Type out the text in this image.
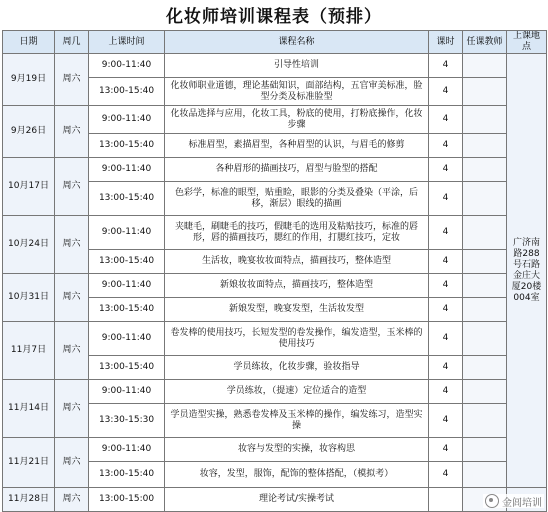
化妆师培训课程表（预排）
日期	周几	上课时间	课程名称	课时	任课教师	上课地点
9月19日	周六	9:00-11:40	引导性培训	4		广济南路288号石路金庄大厦20楼004室
		13:00-15:40	化妆师职业道德，理论基础知识，面部结构，五官审美标准，脸型分类及标准脸型	4		
9月26日	周六	9:00-11:40	化妆品选择与应用，化妆工具，粉底的使用，打粉底操作，化妆步骤	4		
		13:00-15:40	标准眉型，素描眉型，各种眉型的认识，与眉毛的修剪	4		
10月17日	周六	9:00-11:40	各种眉形的描画技巧，眉型与脸型的搭配	4		
		13:00-15:40	色彩学，标准的眼型，贴重睑，眼影的分类及叠染（平涂，后移，渐层）眼线的描画	4		
10月24日	周六	9:00-11:40	夹睫毛，刷睫毛的技巧，假睫毛的选用及粘贴技巧，标准的唇形，唇的描画技巧，腮红的作用，打腮红技巧，定妆	4		
		13:00-15:40	生活妆，晚宴妆妆面特点，描画技巧，整体造型	4		
10月31日	周六	9:00-11:40	新娘妆妆面特点，描画技巧，整体造型	4		
		13:00-15:40	新娘发型，晚宴发型，生活妆发型	4		
11月7日	周六	9:00-11:40	卷发棒的使用技巧，长短发型的卷发操作，编发造型，玉米棒的使用技巧	4		
		13:00-15:40	学员练妆，化妆步骤，验妆指导	4		
11月14日	周六	9:00-11:40	学员练妆，（提速）定位适合的造型	4		
		13:30-15:30	学员造型实操，熟悉卷发棒及玉米棒的操作，编发练习，造型实操	4		
11月21日	周六	9:00-11:40	妆容与发型的实操，妆容构思	4		
		13:00-15:40	妆容，发型，服饰，配饰的整体搭配，（模拟考）	4		
11月28日	周六	13:00-15:00	理论考试/实操考试				金闾培训
